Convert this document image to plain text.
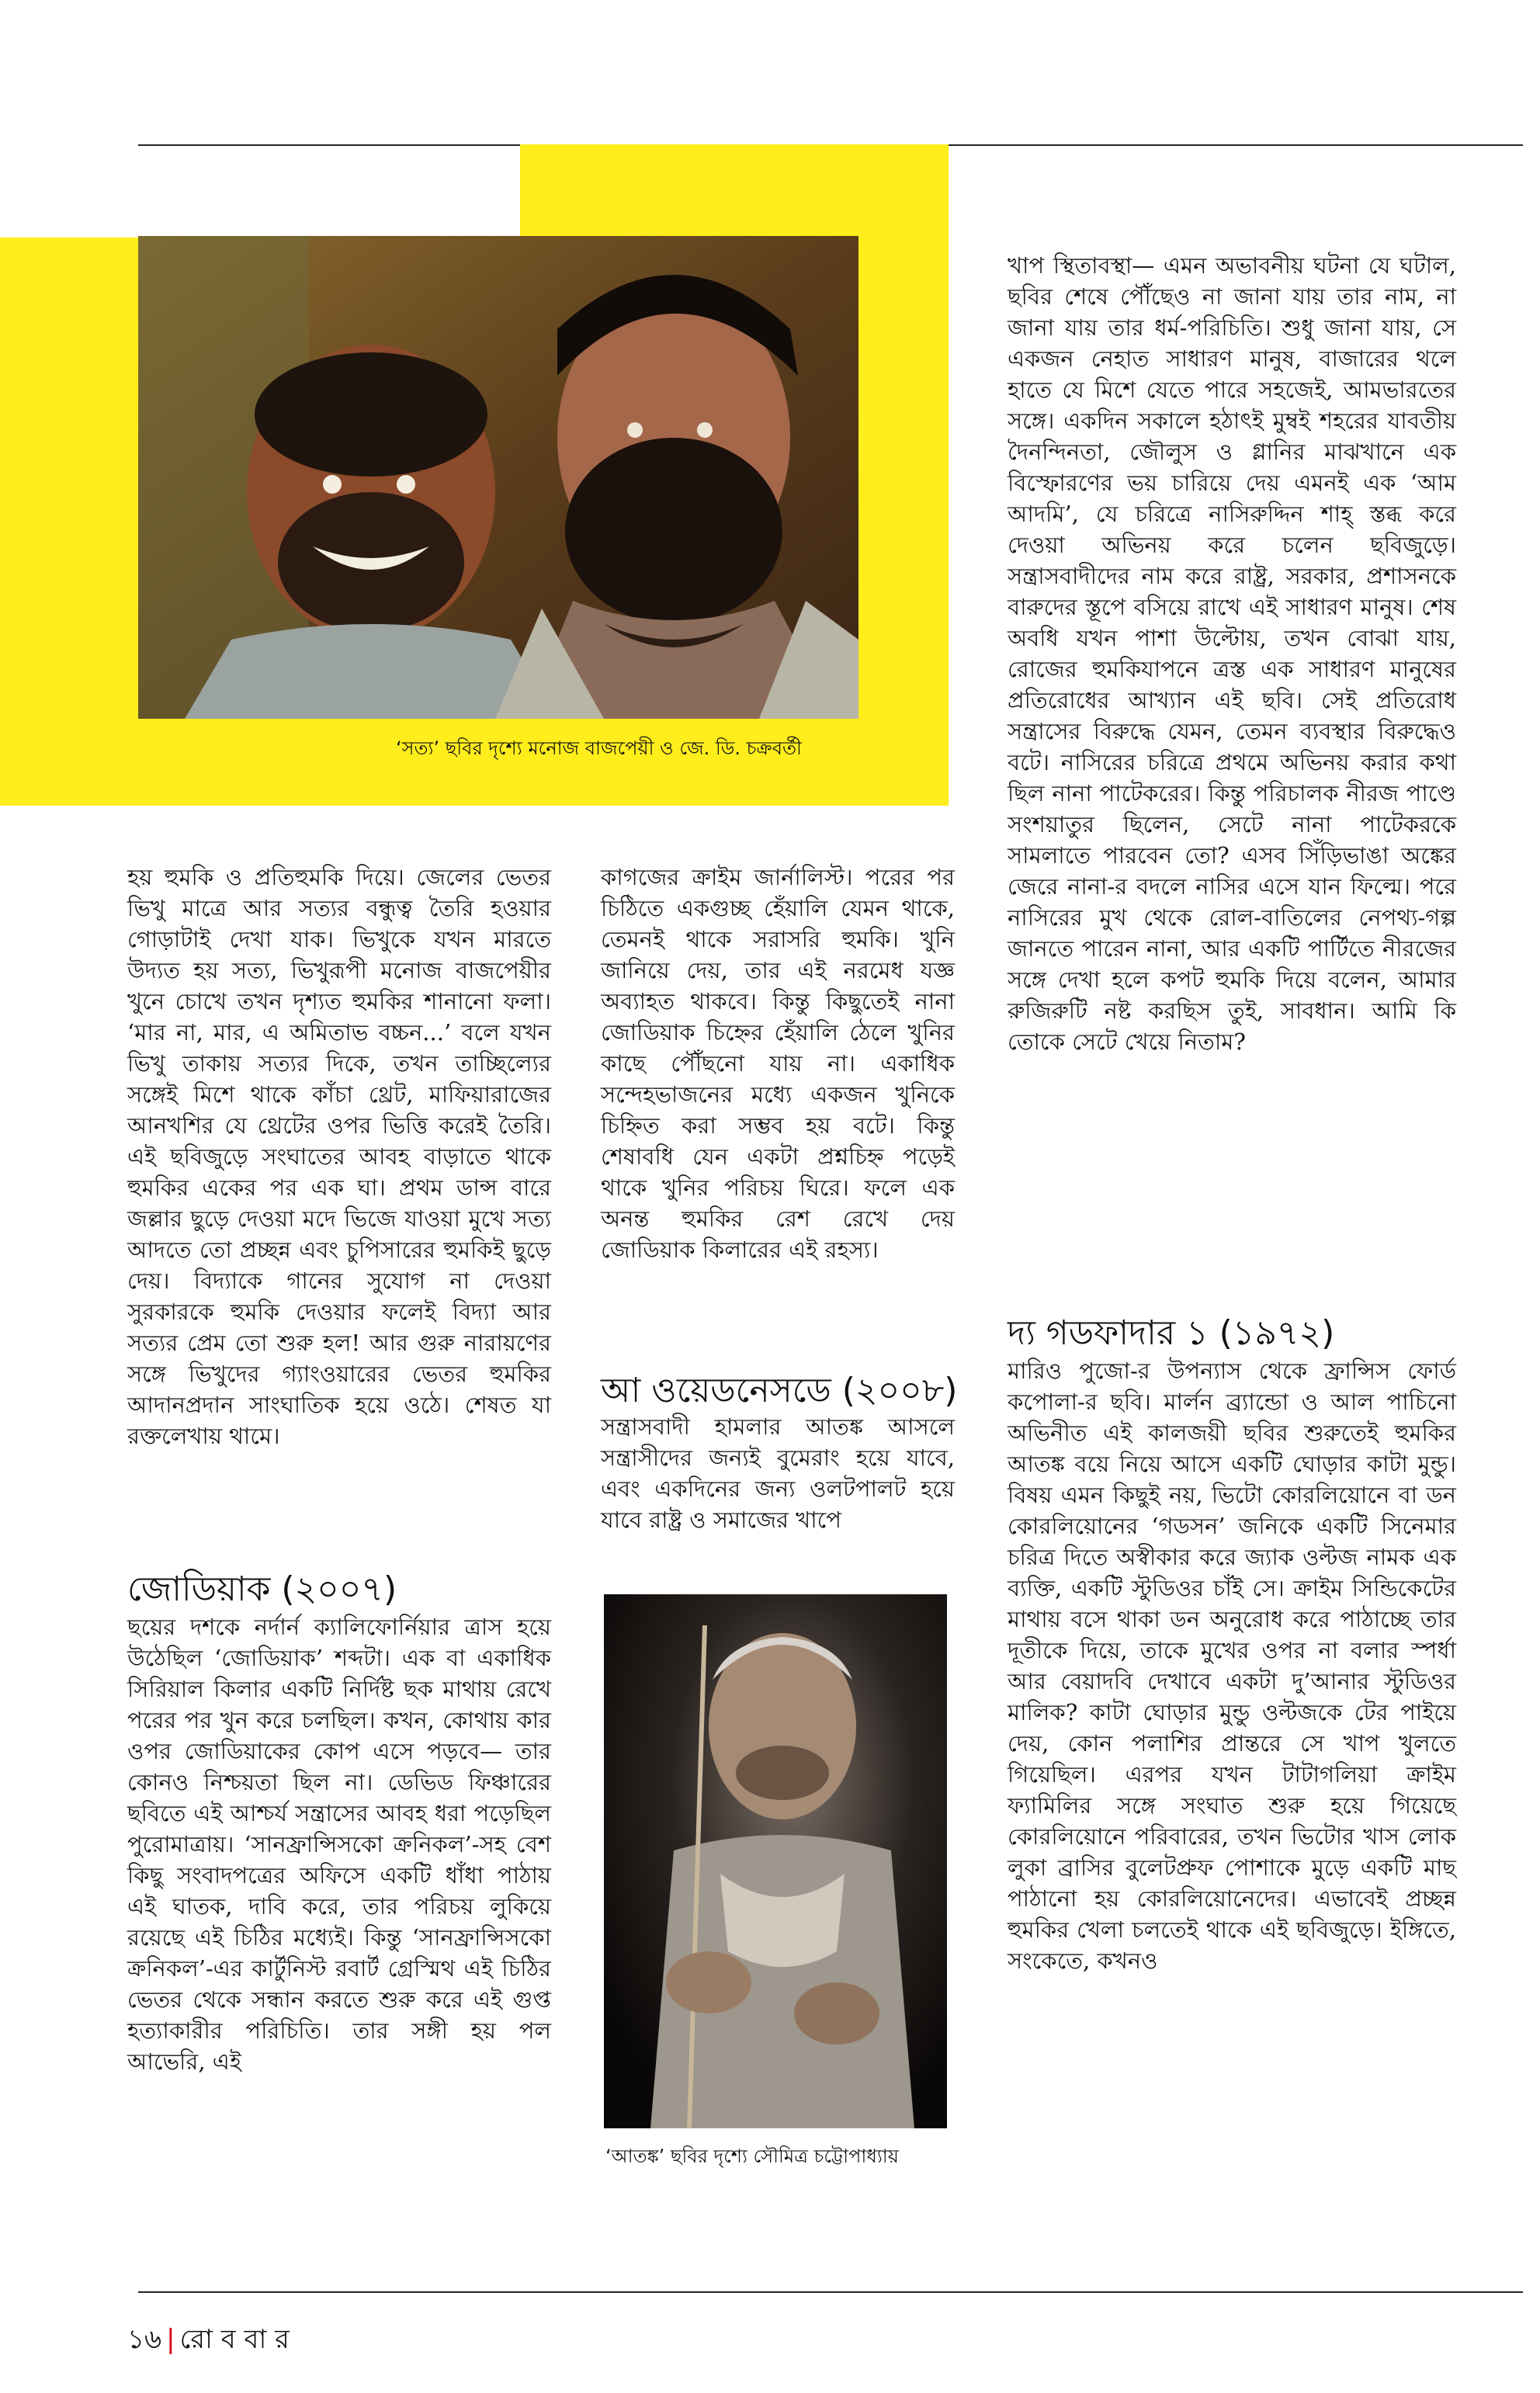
‘সত্য’ ছবির দৃশ্যে মনোজ বাজপেয়ী ও জে. ডি. চক্রবর্তী

হয় হুমকি ও প্রতিহুমকি দিয়ে। জেলের ভেতর ভিখু মাত্রে আর সত্যর বন্ধুত্ব তৈরি হওয়ার গোড়াটাই দেখা যাক। ভিখুকে যখন মারতে উদ্যত হয় সত্য, ভিখুরূপী মনোজ বাজপেয়ীর খুনে চোখে তখন দৃশ্যত হুমকির শানানো ফলা। ‘মার না, মার, এ অমিতাভ বচ্চন...’ বলে যখন ভিখু তাকায় সত্যর দিকে, তখন তাচ্ছিল্যের সঙ্গেই মিশে থাকে কাঁচা থ্রেট, মাফিয়ারাজের আনখশির যে থ্রেটের ওপর ভিত্তি করেই তৈরি। এই ছবিজুড়ে সংঘাতের আবহ বাড়াতে থাকে হুমকির একের পর এক ঘা। প্রথম ডান্স বারে জল্লার ছুড়ে দেওয়া মদে ভিজে যাওয়া মুখে সত্য আদতে তো প্রচ্ছন্ন এবং চুপিসারের হুমকিই ছুড়ে দেয়। বিদ্যাকে গানের সুযোগ না দেওয়া সুরকারকে হুমকি দেওয়ার ফলেই বিদ্যা আর সত্যর প্রেম তো শুরু হল! আর গুরু নারায়ণের সঙ্গে ভিখুদের গ্যাংওয়ারের ভেতর হুমকির আদানপ্রদান সাংঘাতিক হয়ে ওঠে। শেষত যা রক্তলেখায় থামে।

জোডিয়াক (২০০৭)

ছয়ের দশকে নর্দার্ন ক্যালিফোর্নিয়ার ত্রাস হয়ে উঠেছিল ‘জোডিয়াক’ শব্দটা। এক বা একাধিক সিরিয়াল কিলার একটি নির্দিষ্ট ছক মাথায় রেখে পরের পর খুন করে চলছিল। কখন, কোথায় কার ওপর জোডিয়াকের কোপ এসে পড়বে— তার কোনও নিশ্চয়তা ছিল না। ডেভিড ফিঞ্চারের ছবিতে এই আশ্চর্য সন্ত্রাসের আবহ ধরা পড়েছিল পুরোমাত্রায়। ‘সানফ্রান্সিসকো ক্রনিকল’-সহ বেশ কিছু সংবাদপত্রের অফিসে একটি ধাঁধা পাঠায় এই ঘাতক, দাবি করে, তার পরিচয় লুকিয়ে রয়েছে এই চিঠির মধ্যেই। কিন্তু ‘সানফ্রান্সিসকো ক্রনিকল’-এর কার্টুনিস্ট রবার্ট গ্রেস্মিথ এই চিঠির ভেতর থেকে সন্ধান করতে শুরু করে এই গুপ্ত হত্যাকারীর পরিচিতি। তার সঙ্গী হয় পল আভেরি, এই

কাগজের ক্রাইম জার্নালিস্ট। পরের পর চিঠিতে একগুচ্ছ হেঁয়ালি যেমন থাকে, তেমনই থাকে সরাসরি হুমকি। খুনি জানিয়ে দেয়, তার এই নরমেধ যজ্ঞ অব্যাহত থাকবে। কিন্তু কিছুতেই নানা জোডিয়াক চিহ্নের হেঁয়ালি ঠেলে খুনির কাছে পৌঁছনো যায় না। একাধিক সন্দেহভাজনের মধ্যে একজন খুনিকে চিহ্নিত করা সম্ভব হয় বটে। কিন্তু শেষাবধি যেন একটা প্রশ্নচিহ্ন পড়েই থাকে খুনির পরিচয় ঘিরে। ফলে এক অনন্ত হুমকির রেশ রেখে দেয় জোডিয়াক কিলারের এই রহস্য।

আ ওয়েডনেসডে (২০০৮)

সন্ত্রাসবাদী হামলার আতঙ্ক আসলে সন্ত্রাসীদের জন্যই বুমেরাং হয়ে যাবে, এবং একদিনের জন্য ওলটপালট হয়ে যাবে রাষ্ট্র ও সমাজের খাপে

‘আতঙ্ক’ ছবির দৃশ্যে সৌমিত্র চট্টোপাধ্যায়

খাপ স্থিতাবস্থা— এমন অভাবনীয় ঘটনা যে ঘটাল, ছবির শেষে পৌঁছেও না জানা যায় তার নাম, না জানা যায় তার ধর্ম-পরিচিতি। শুধু জানা যায়, সে একজন নেহাত সাধারণ মানুষ, বাজারের থলে হাতে যে মিশে যেতে পারে সহজেই, আমভারতের সঙ্গে। একদিন সকালে হঠাৎই মুম্বই শহরের যাবতীয় দৈনন্দিনতা, জৌলুস ও গ্লানির মাঝখানে এক বিস্ফোরণের ভয় চারিয়ে দেয় এমনই এক ‘আম আদমি’, যে চরিত্রে নাসিরুদ্দিন শাহ্ স্তব্ধ করে দেওয়া অভিনয় করে চলেন ছবিজুড়ে। সন্ত্রাসবাদীদের নাম করে রাষ্ট্র, সরকার, প্রশাসনকে বারুদের স্তূপে বসিয়ে রাখে এই সাধারণ মানুষ। শেষ অবধি যখন পাশা উল্টোয়, তখন বোঝা যায়, রোজের হুমকিযাপনে ত্রস্ত এক সাধারণ মানুষের প্রতিরোধের আখ্যান এই ছবি। সেই প্রতিরোধ সন্ত্রাসের বিরুদ্ধে যেমন, তেমন ব্যবস্থার বিরুদ্ধেও বটে। নাসিরের চরিত্রে প্রথমে অভিনয় করার কথা ছিল নানা পাটেকরের। কিন্তু পরিচালক নীরজ পাণ্ডে সংশয়াতুর ছিলেন, সেটে নানা পাটেকরকে সামলাতে পারবেন তো? এসব সিঁড়িভাঙা অঙ্কের জেরে নানা-র বদলে নাসির এসে যান ফিল্মে। পরে নাসিরের মুখ থেকে রোল-বাতিলের নেপথ্য-গল্প জানতে পারেন নানা, আর একটি পার্টিতে নীরজের সঙ্গে দেখা হলে কপট হুমকি দিয়ে বলেন, আমার রুজিরুটি নষ্ট করছিস তুই, সাবধান। আমি কি তোকে সেটে খেয়ে নিতাম?

দ্য গডফাদার ১ (১৯৭২)

মারিও পুজো-র উপন্যাস থেকে ফ্রান্সিস ফোর্ড কপোলা-র ছবি। মার্লন ব্র্যান্ডো ও আল পাচিনো অভিনীত এই কালজয়ী ছবির শুরুতেই হুমকির আতঙ্ক বয়ে নিয়ে আসে একটি ঘোড়ার কাটা মুন্ডু। বিষয় এমন কিছুই নয়, ভিটো কোরলিয়োনে বা ডন কোরলিয়োনের ‘গডসন’ জনিকে একটি সিনেমার চরিত্র দিতে অস্বীকার করে জ্যাক ওল্টজ নামক এক ব্যক্তি, একটি স্টুডিওর চাঁই সে। ক্রাইম সিন্ডিকেটের মাথায় বসে থাকা ডন অনুরোধ করে পাঠাচ্ছে তার দূতীকে দিয়ে, তাকে মুখের ওপর না বলার স্পর্ধা আর বেয়াদবি দেখাবে একটা দু’আনার স্টুডিওর মালিক? কাটা ঘোড়ার মুন্ডু ওল্টজকে টের পাইয়ে দেয়, কোন পলাশির প্রান্তরে সে খাপ খুলতে গিয়েছিল। এরপর যখন টাটাগলিয়া ক্রাইম ফ্যামিলির সঙ্গে সংঘাত শুরু হয়ে গিয়েছে কোরলিয়োনে পরিবারের, তখন ভিটোর খাস লোক লুকা ব্রাসির বুলেটপ্রুফ পোশাকে মুড়ে একটি মাছ পাঠানো হয় কোরলিয়োনেদের। এভাবেই প্রচ্ছন্ন হুমকির খেলা চলতেই থাকে এই ছবিজুড়ে। ইঙ্গিতে, সংকেতে, কখনও

১৬ | রো ব বা র
